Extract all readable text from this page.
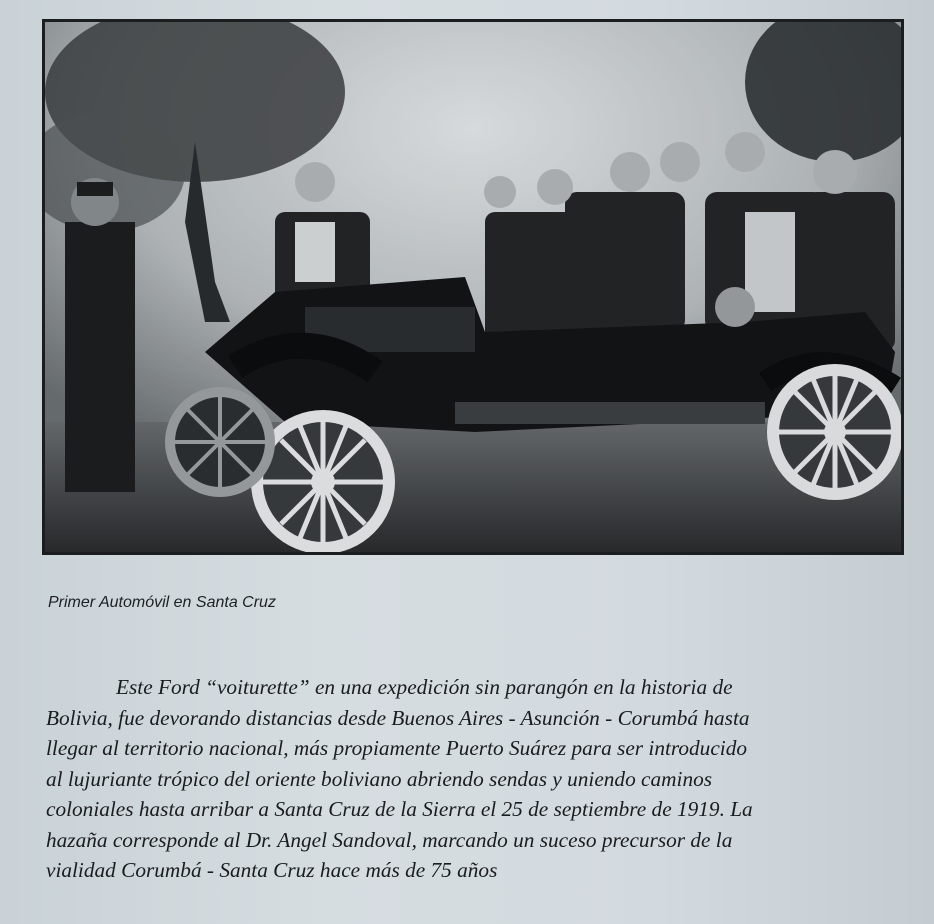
Primer Automóvil en Santa Cruz
Este Ford “voiturette” en una expedición sin parangón en la historia de
Bolivia, fue devorando distancias desde Buenos Aires - Asunción - Corumbá hasta
llegar al territorio nacional, más propiamente Puerto Suárez para ser introducido
al lujuriante trópico del oriente boliviano abriendo sendas y uniendo caminos
coloniales hasta arribar a Santa Cruz de la Sierra el 25 de septiembre de 1919. La
hazaña corresponde al Dr. Angel Sandoval, marcando un suceso precursor de la
vialidad Corumbá - Santa Cruz hace más de 75 años
